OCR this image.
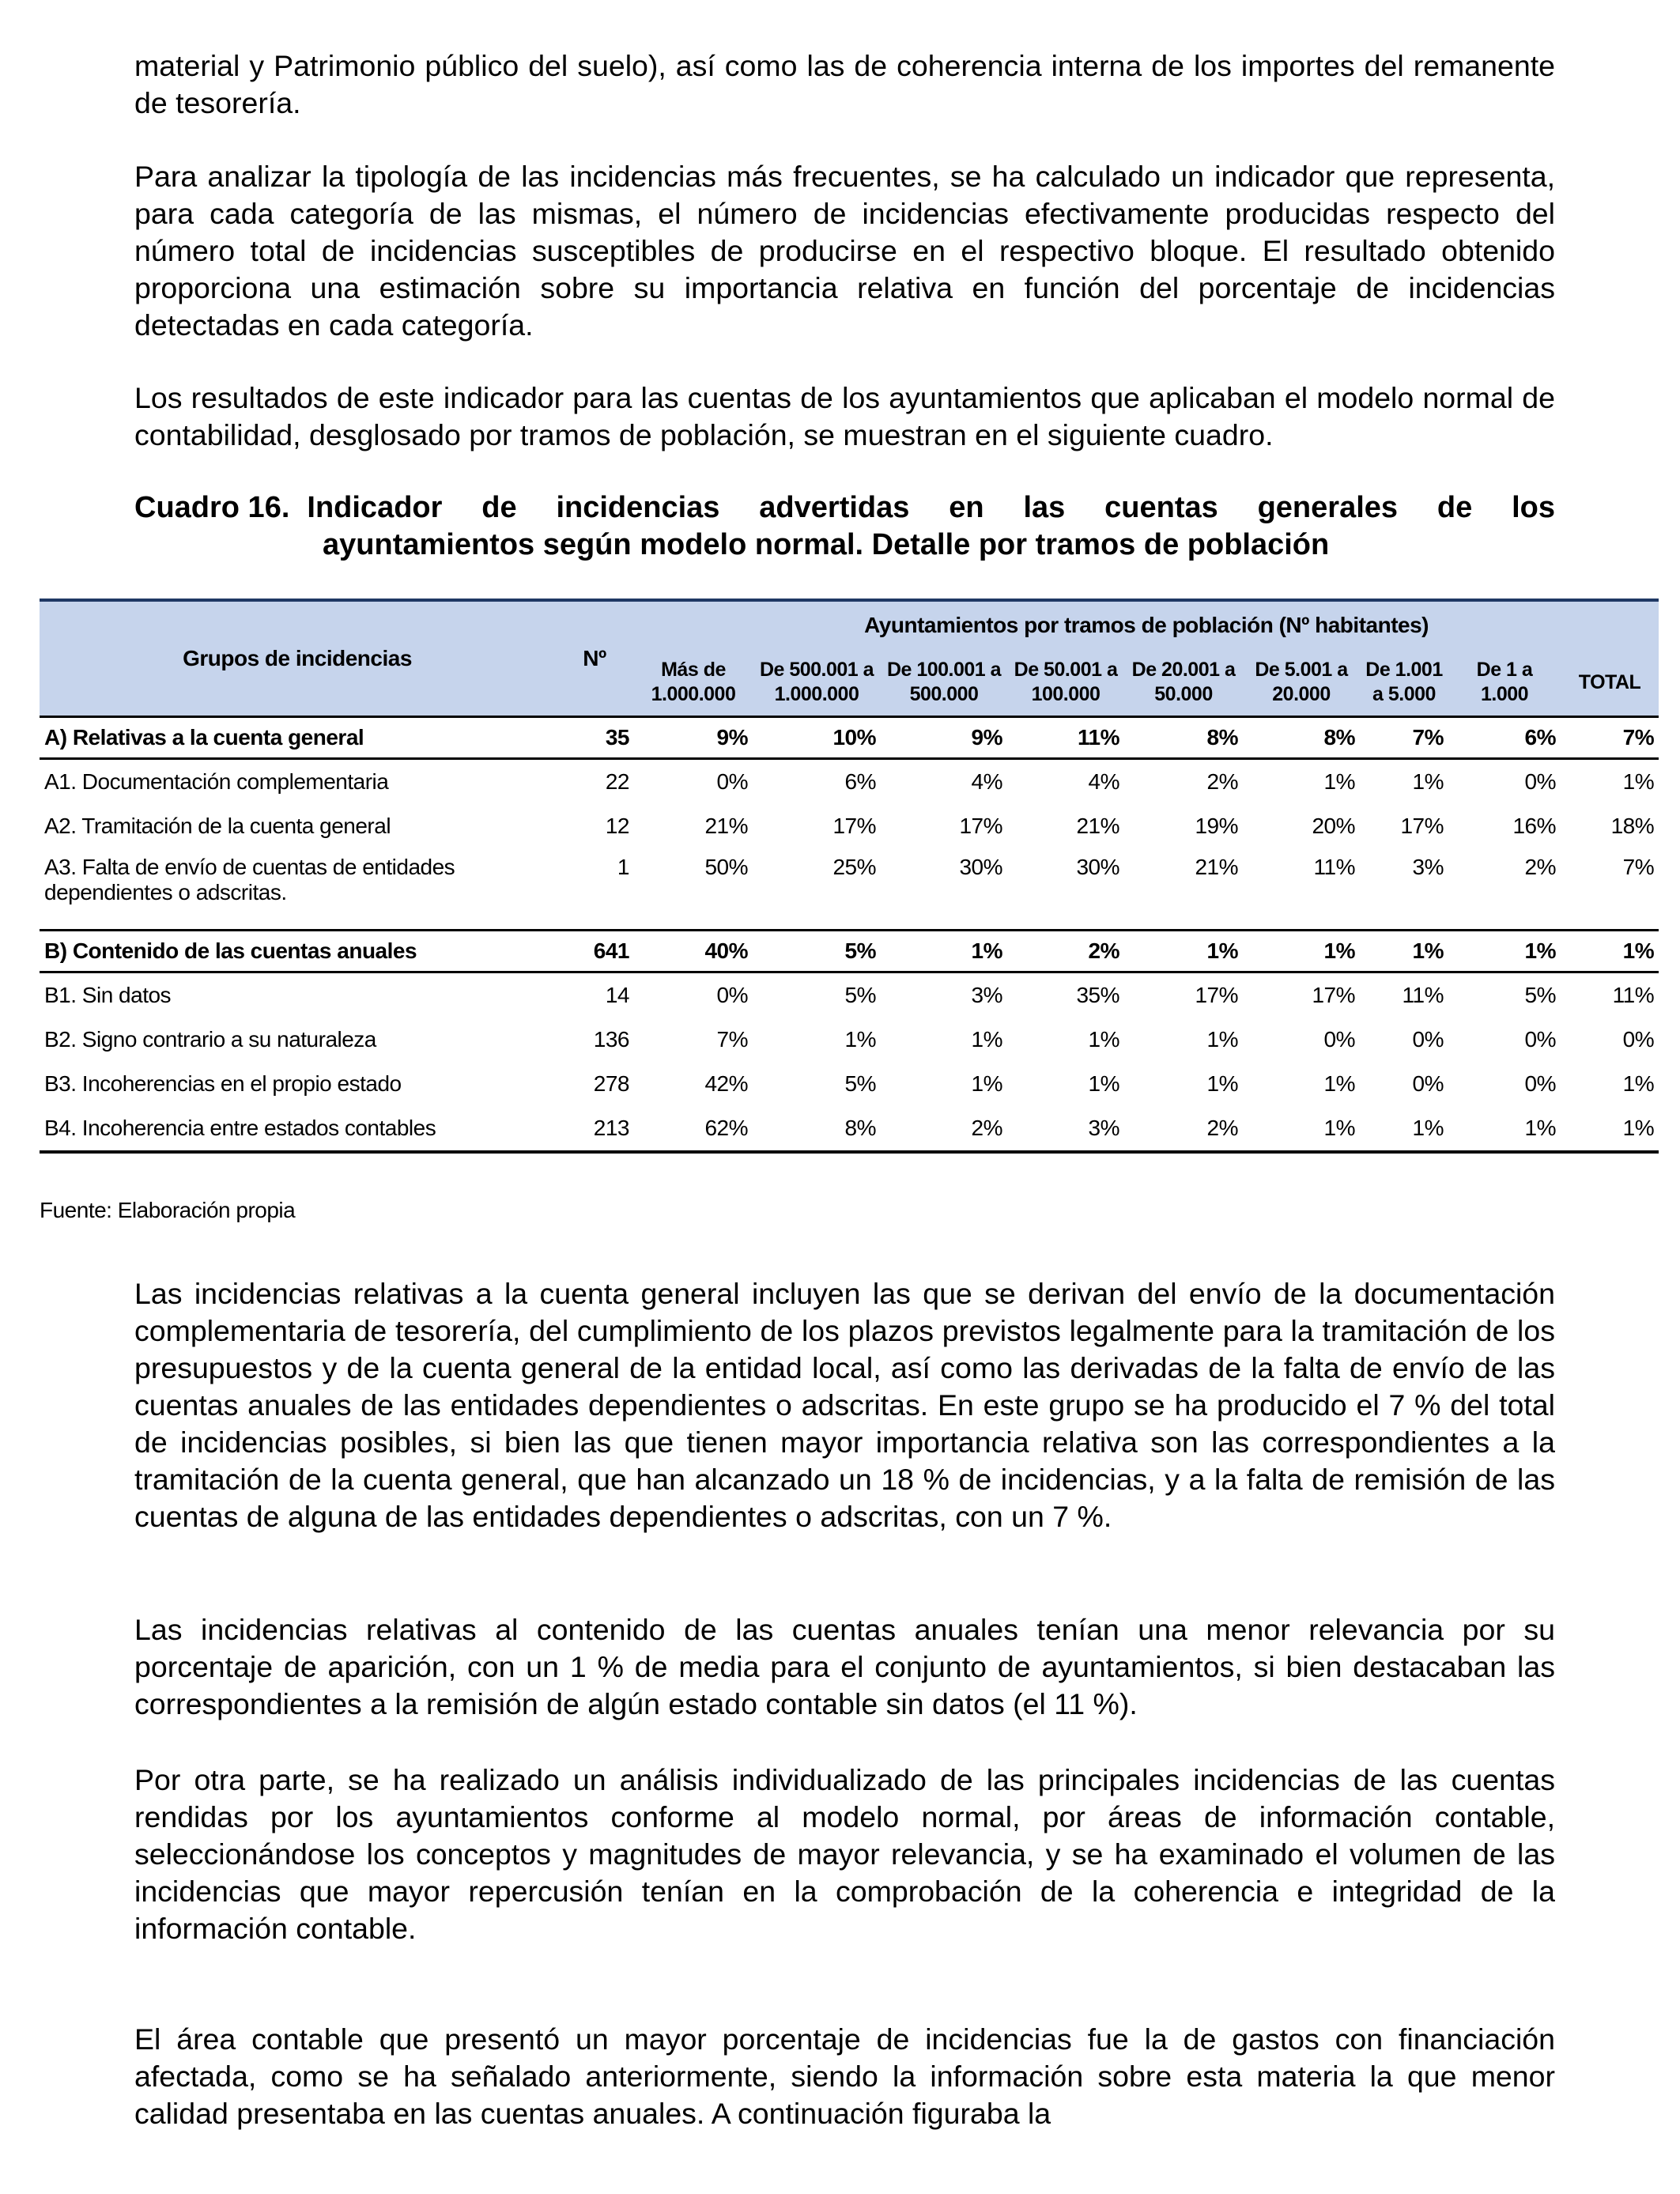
material y Patrimonio público del suelo), así como las de coherencia interna de los importes del remanente de tesorería.

Para analizar la tipología de las incidencias más frecuentes, se ha calculado un indicador que representa, para cada categoría de las mismas, el número de incidencias efectivamente producidas respecto del número total de incidencias susceptibles de producirse en el respectivo bloque. El resultado obtenido proporciona una estimación sobre su importancia relativa en función del porcentaje de incidencias detectadas en cada categoría.

Los resultados de este indicador para las cuentas de los ayuntamientos que aplicaban el modelo normal de contabilidad, desglosado por tramos de población, se muestran en el siguiente cuadro.

Cuadro 16. Indicador de incidencias advertidas en las cuentas generales de los
ayuntamientos según modelo normal. Detalle por tramos de población
Grupos de incidencias	Nº	Ayuntamientos por tramos de población (Nº habitantes)								
		Más de 1.000.000	De 500.001 a 1.000.000	De 100.001 a 500.000	De 50.001 a 100.000	De 20.001 a 50.000	De 5.001 a 20.000	De 1.001 a 5.000	De 1 a 1.000	TOTAL
A) Relativas a la cuenta general	35	9%	10%	9%	11%	8%	8%	7%	6%	7%
A1. Documentación complementaria	22	0%	6%	4%	4%	2%	1%	1%	0%	1%
A2. Tramitación de la cuenta general	12	21%	17%	17%	21%	19%	20%	17%	16%	18%
A3. Falta de envío de cuentas de entidades dependientes o adscritas.	1	50%	25%	30%	30%	21%	11%	3%	2%	7%

B) Contenido de las cuentas anuales	641	40%	5%	1%	2%	1%	1%	1%	1%	1%
B1. Sin datos	14	0%	5%	3%	35%	17%	17%	11%	5%	11%
B2. Signo contrario a su naturaleza	136	7%	1%	1%	1%	1%	0%	0%	0%	0%
B3. Incoherencias en el propio estado	278	42%	5%	1%	1%	1%	1%	0%	0%	1%
B4. Incoherencia entre estados contables	213	62%	8%	2%	3%	2%	1%	1%	1%	1%
Fuente: Elaboración propia

Las incidencias relativas a la cuenta general incluyen las que se derivan del envío de la documentación complementaria de tesorería, del cumplimiento de los plazos previstos legalmente para la tramitación de los presupuestos y de la cuenta general de la entidad local, así como las derivadas de la falta de envío de las cuentas anuales de las entidades dependientes o adscritas. En este grupo se ha producido el 7 % del total de incidencias posibles, si bien las que tienen mayor importancia relativa son las correspondientes a la tramitación de la cuenta general, que han alcanzado un 18 % de incidencias, y a la falta de remisión de las cuentas de alguna de las entidades dependientes o adscritas, con un 7 %.

Las incidencias relativas al contenido de las cuentas anuales tenían una menor relevancia por su porcentaje de aparición, con un 1 % de media para el conjunto de ayuntamientos, si bien destacaban las correspondientes a la remisión de algún estado contable sin datos (el 11 %).

Por otra parte, se ha realizado un análisis individualizado de las principales incidencias de las cuentas rendidas por los ayuntamientos conforme al modelo normal, por áreas de información contable, seleccionándose los conceptos y magnitudes de mayor relevancia, y se ha examinado el volumen de las incidencias que mayor repercusión tenían en la comprobación de la coherencia e integridad de la información contable.

El área contable que presentó un mayor porcentaje de incidencias fue la de gastos con financiación afectada, como se ha señalado anteriormente, siendo la información sobre esta materia la que menor calidad presentaba en las cuentas anuales. A continuación figuraba la
